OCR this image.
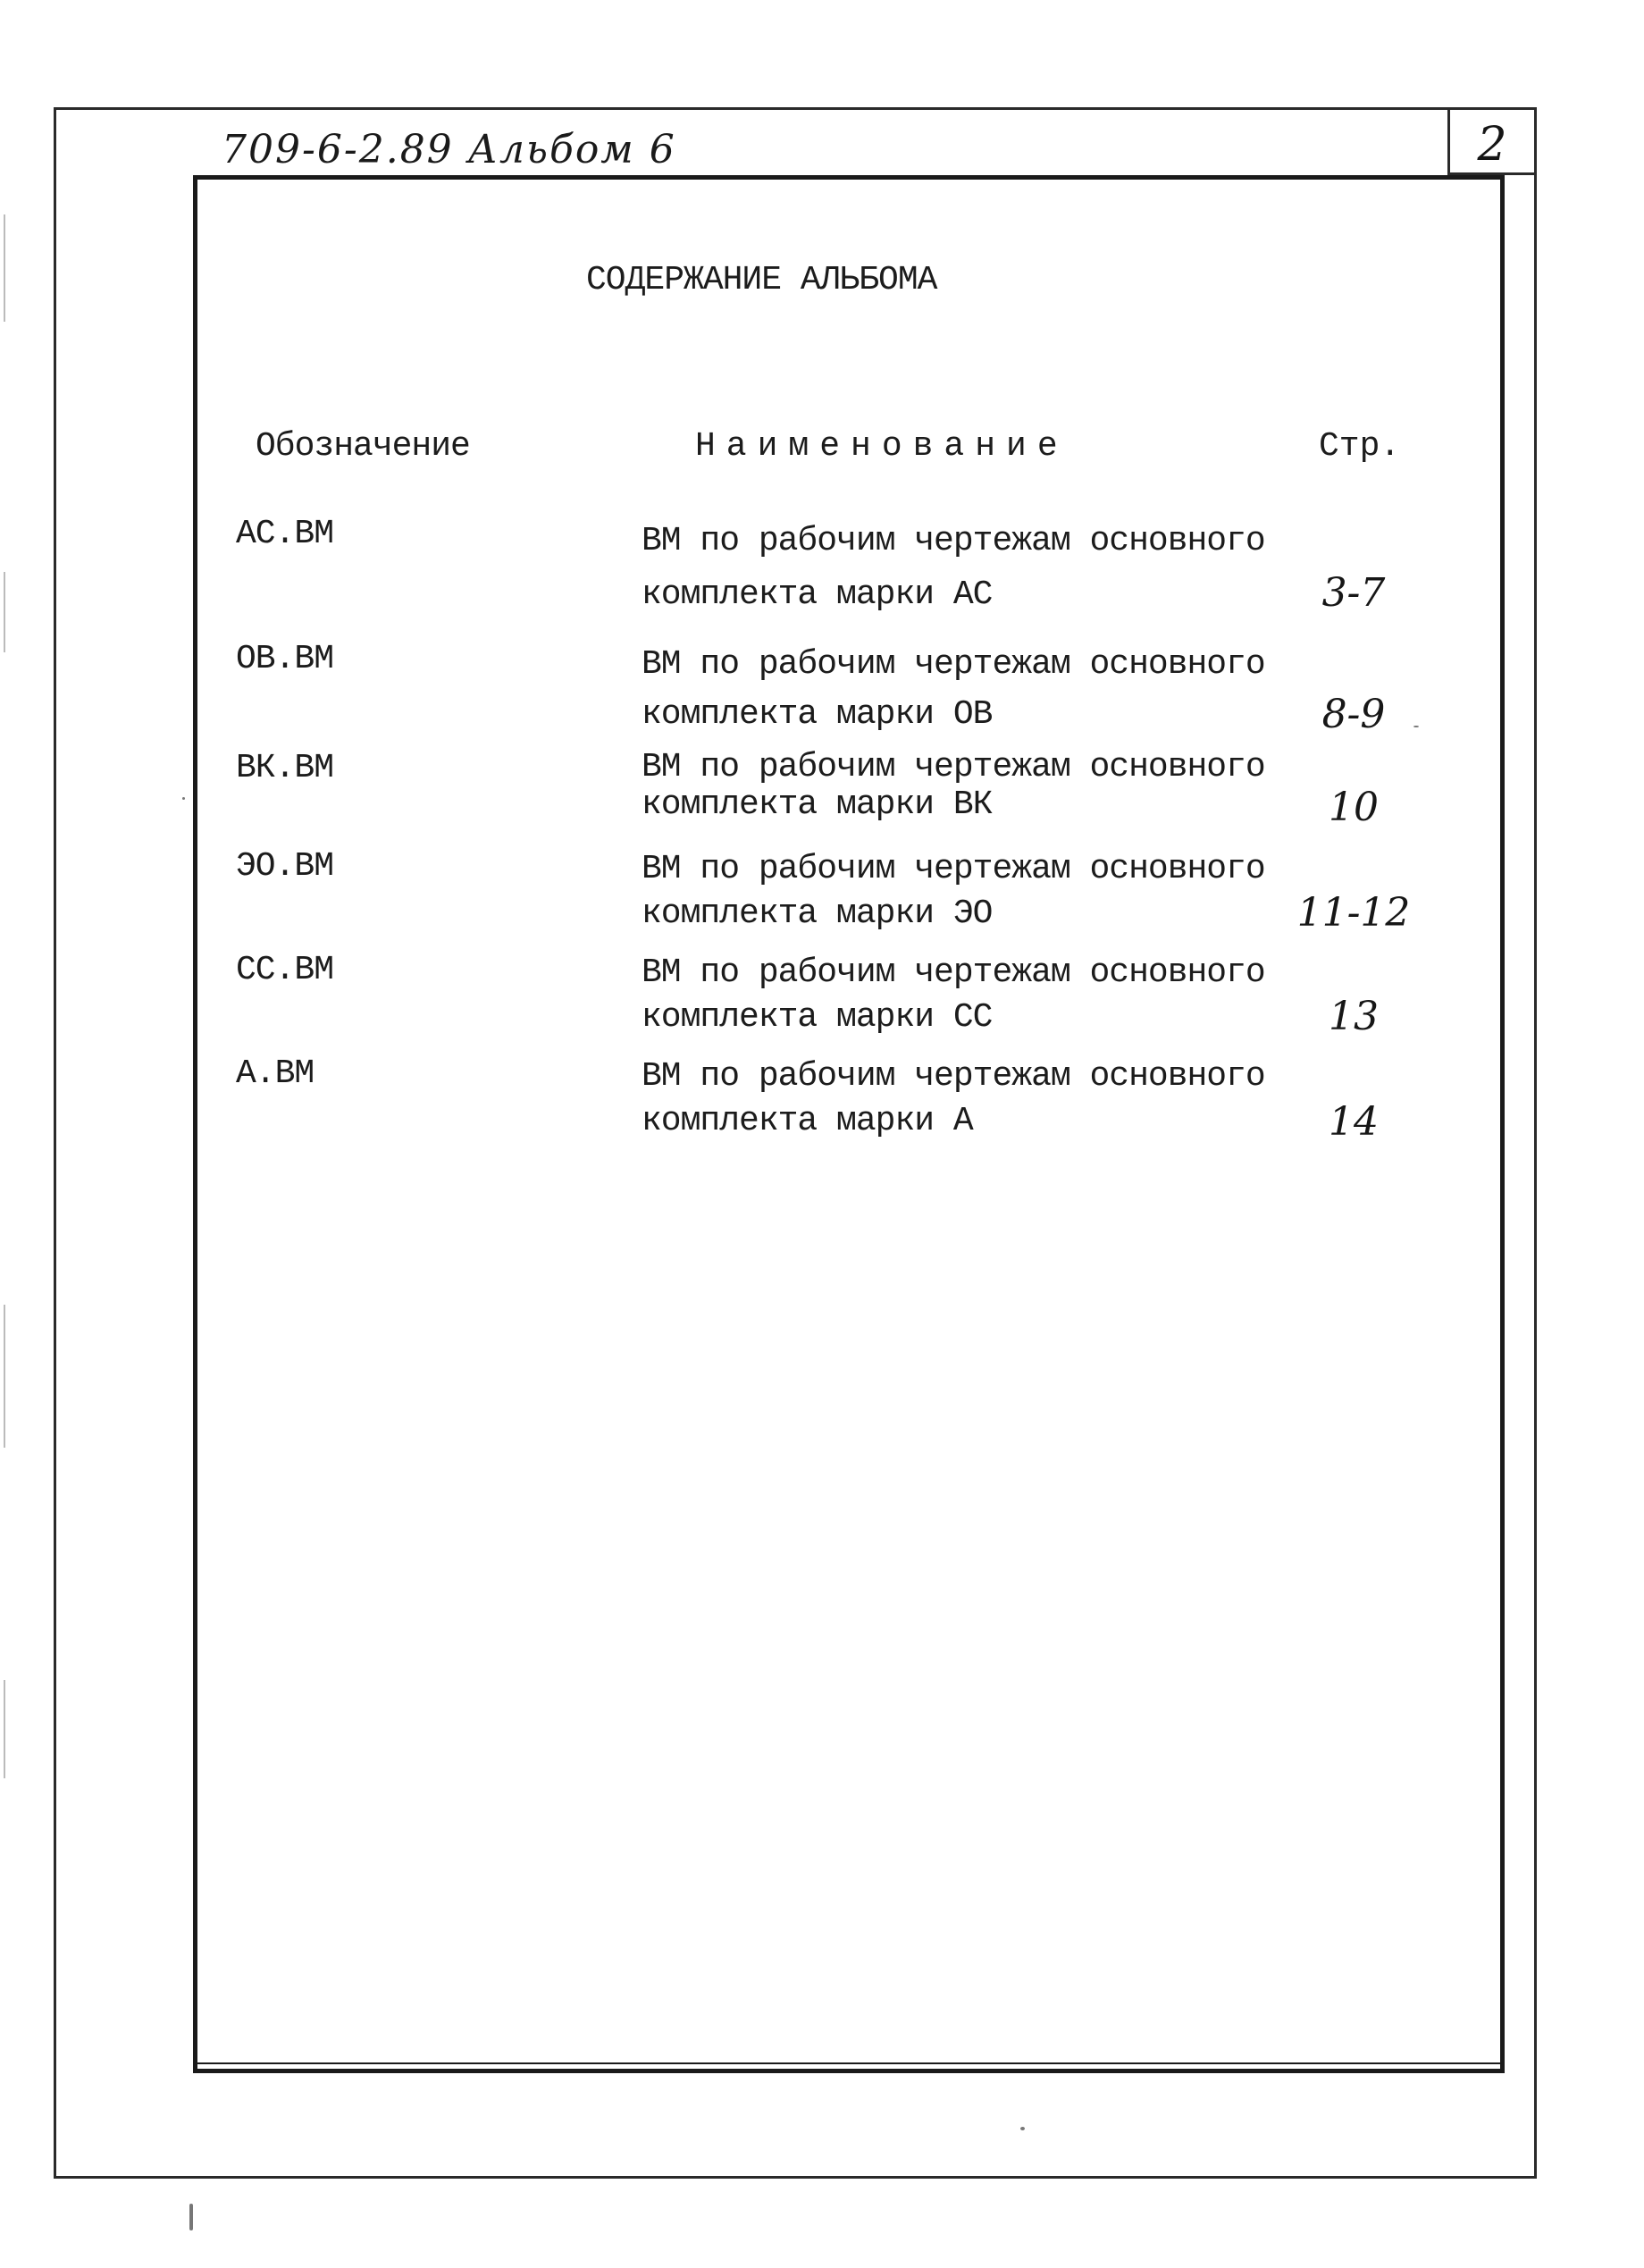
709-6-2.89 Альбом 6	2
СОДЕРЖАНИЕ АЛЬБОМА
Обозначение	Наименование	Стр.
АС.ВМ	ВМ по рабочим чертежам основного
комплекта марки АС	3-7
ОВ.ВМ	ВМ по рабочим чертежам основного
комплекта марки ОВ	8-9
ВК.ВМ	ВМ по рабочим чертежам основного
комплекта марки ВК	10
ЭО.ВМ	ВМ по рабочим чертежам основного
комплекта марки ЭО	11-12
СС.ВМ	ВМ по рабочим чертежам основного
комплекта марки СС	13
А.ВМ	ВМ по рабочим чертежам основного
комплекта марки А	14
